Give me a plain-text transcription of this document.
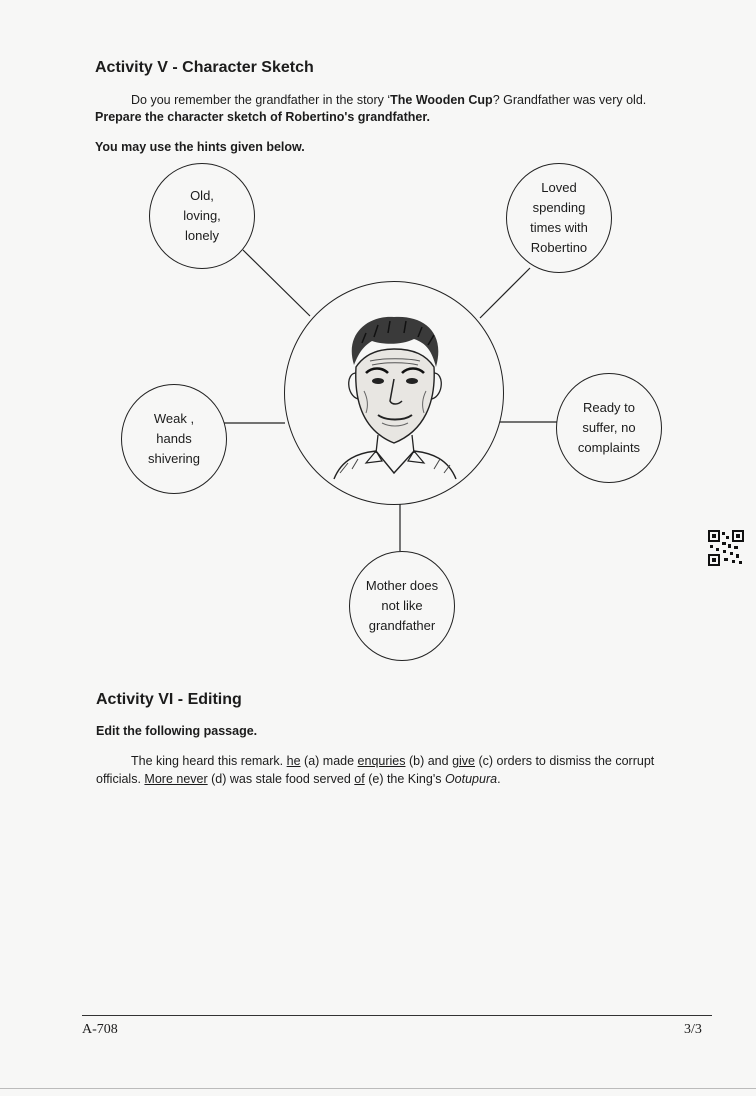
Activity V - Character Sketch
Do you remember the grandfather in the story ‘The Wooden Cup? Grandfather was very old.
Prepare the character sketch of Robertino's grandfather.
You may use the hints given below.
Old,
loving,
lonely
Loved
spending
times with
Robertino
Weak ,
hands
shivering
Ready to
suffer, no
complaints
Mother does
not like
grandfather
Activity VI - Editing
Edit the following passage.
The king heard this remark. he (a) made enquries (b) and give (c) orders to dismiss the corrupt
officials. More never (d) was stale food served of (e) the King's Ootupura.
A-708	3/3
